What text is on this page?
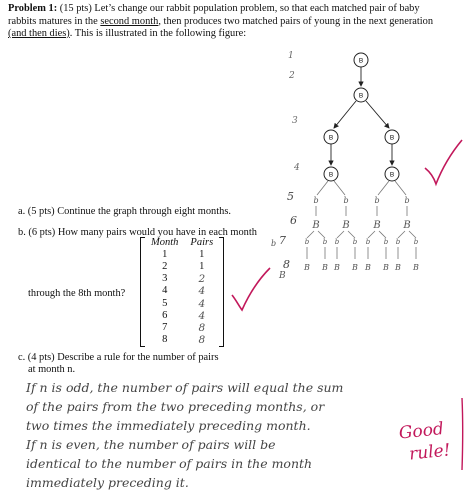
Problem 1: (15 pts) Let’s change our rabbit population problem, so that each matched pair of baby
rabbits matures in the second month, then produces two matched pairs of young in the next generation
(and then dies). This is illustrated in the following figure:
a. (5 pts) Continue the graph through eight months.
b. (6 pts) How many pairs would you have in each month
through the 8th month?
Month	Pairs
1	1
2	1
3	2
4	4
5	4
6	4
7	8
8	8
c. (4 pts) Describe a rule for the number of pairs
at month n.
If n is odd, the number of pairs will equal the sum
of the pairs from the two preceding months, or
two times the immediately preceding month.
If n is even, the number of pairs will be
identical to the number of pairs in the month
immediately preceding it.
Good
rule!
1
2
3
4
5
6
7
8
B
B
B	B
B	B
b	b
B B
b b
B B
b b
B B
b	b
B B
b b
B B
b b
B B
B
b
